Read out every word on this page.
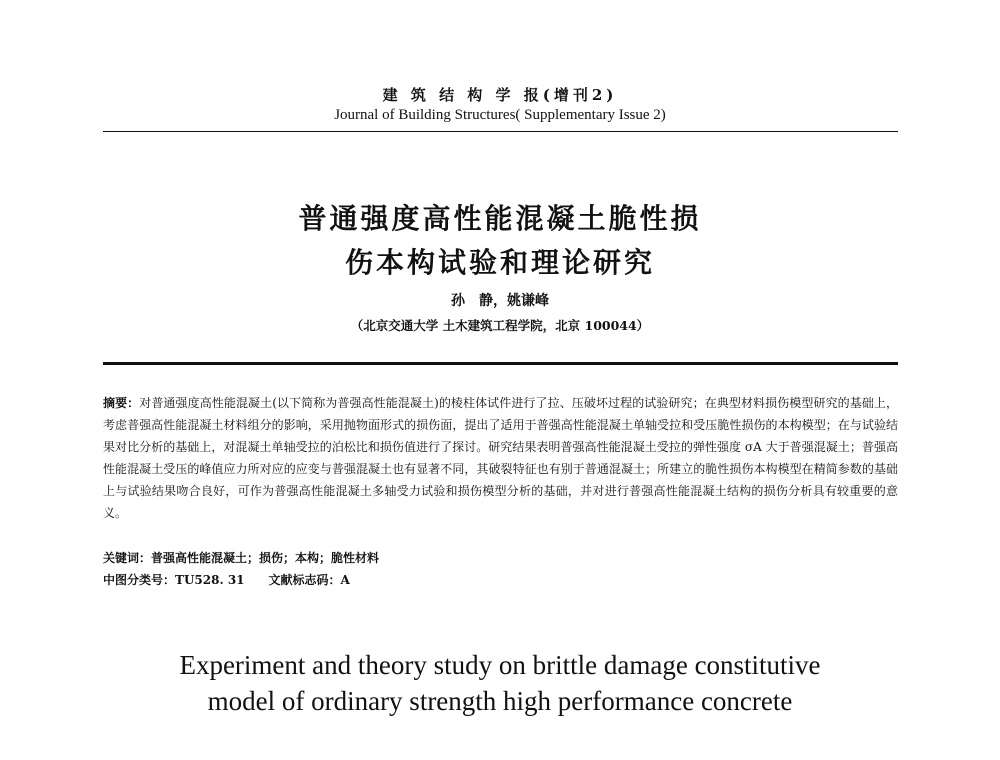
建 筑 结 构 学 报(增刊2)
Journal of Building Structures( Supplementary Issue 2)
普通强度高性能混凝土脆性损
伤本构试验和理论研究
孙　静，姚谦峰
（北京交通大学 土木建筑工程学院，北京 100044）
摘要：对普通强度高性能混凝土(以下简称为普强高性能混凝土)的棱柱体试件进行了拉、压破坏过程的试验研究；在典型材料损伤模型研究的基础上，考虑普强高性能混凝土材料组分的影响，采用抛物面形式的损伤面，提出了适用于普强高性能混凝土单轴受拉和受压脆性损伤的本构模型；在与试验结果对比分析的基础上，对混凝土单轴受拉的泊松比和损伤值进行了探讨。研究结果表明普强高性能混凝土受拉的弹性强度 σA 大于普强混凝土；普强高性能混凝土受压的峰值应力所对应的应变与普强混凝土也有显著不同，其破裂特征也有别于普通混凝土；所建立的脆性损伤本构模型在精简参数的基础上与试验结果吻合良好，可作为普强高性能混凝土多轴受力试验和损伤模型分析的基础，并对进行普强高性能混凝土结构的损伤分析具有较重要的意义。
关键词：普强高性能混凝土；损伤；本构；脆性材料
中图分类号：TU528. 31 文献标志码：A
Experiment and theory study on brittle damage constitutive
model of ordinary strength high performance concrete
